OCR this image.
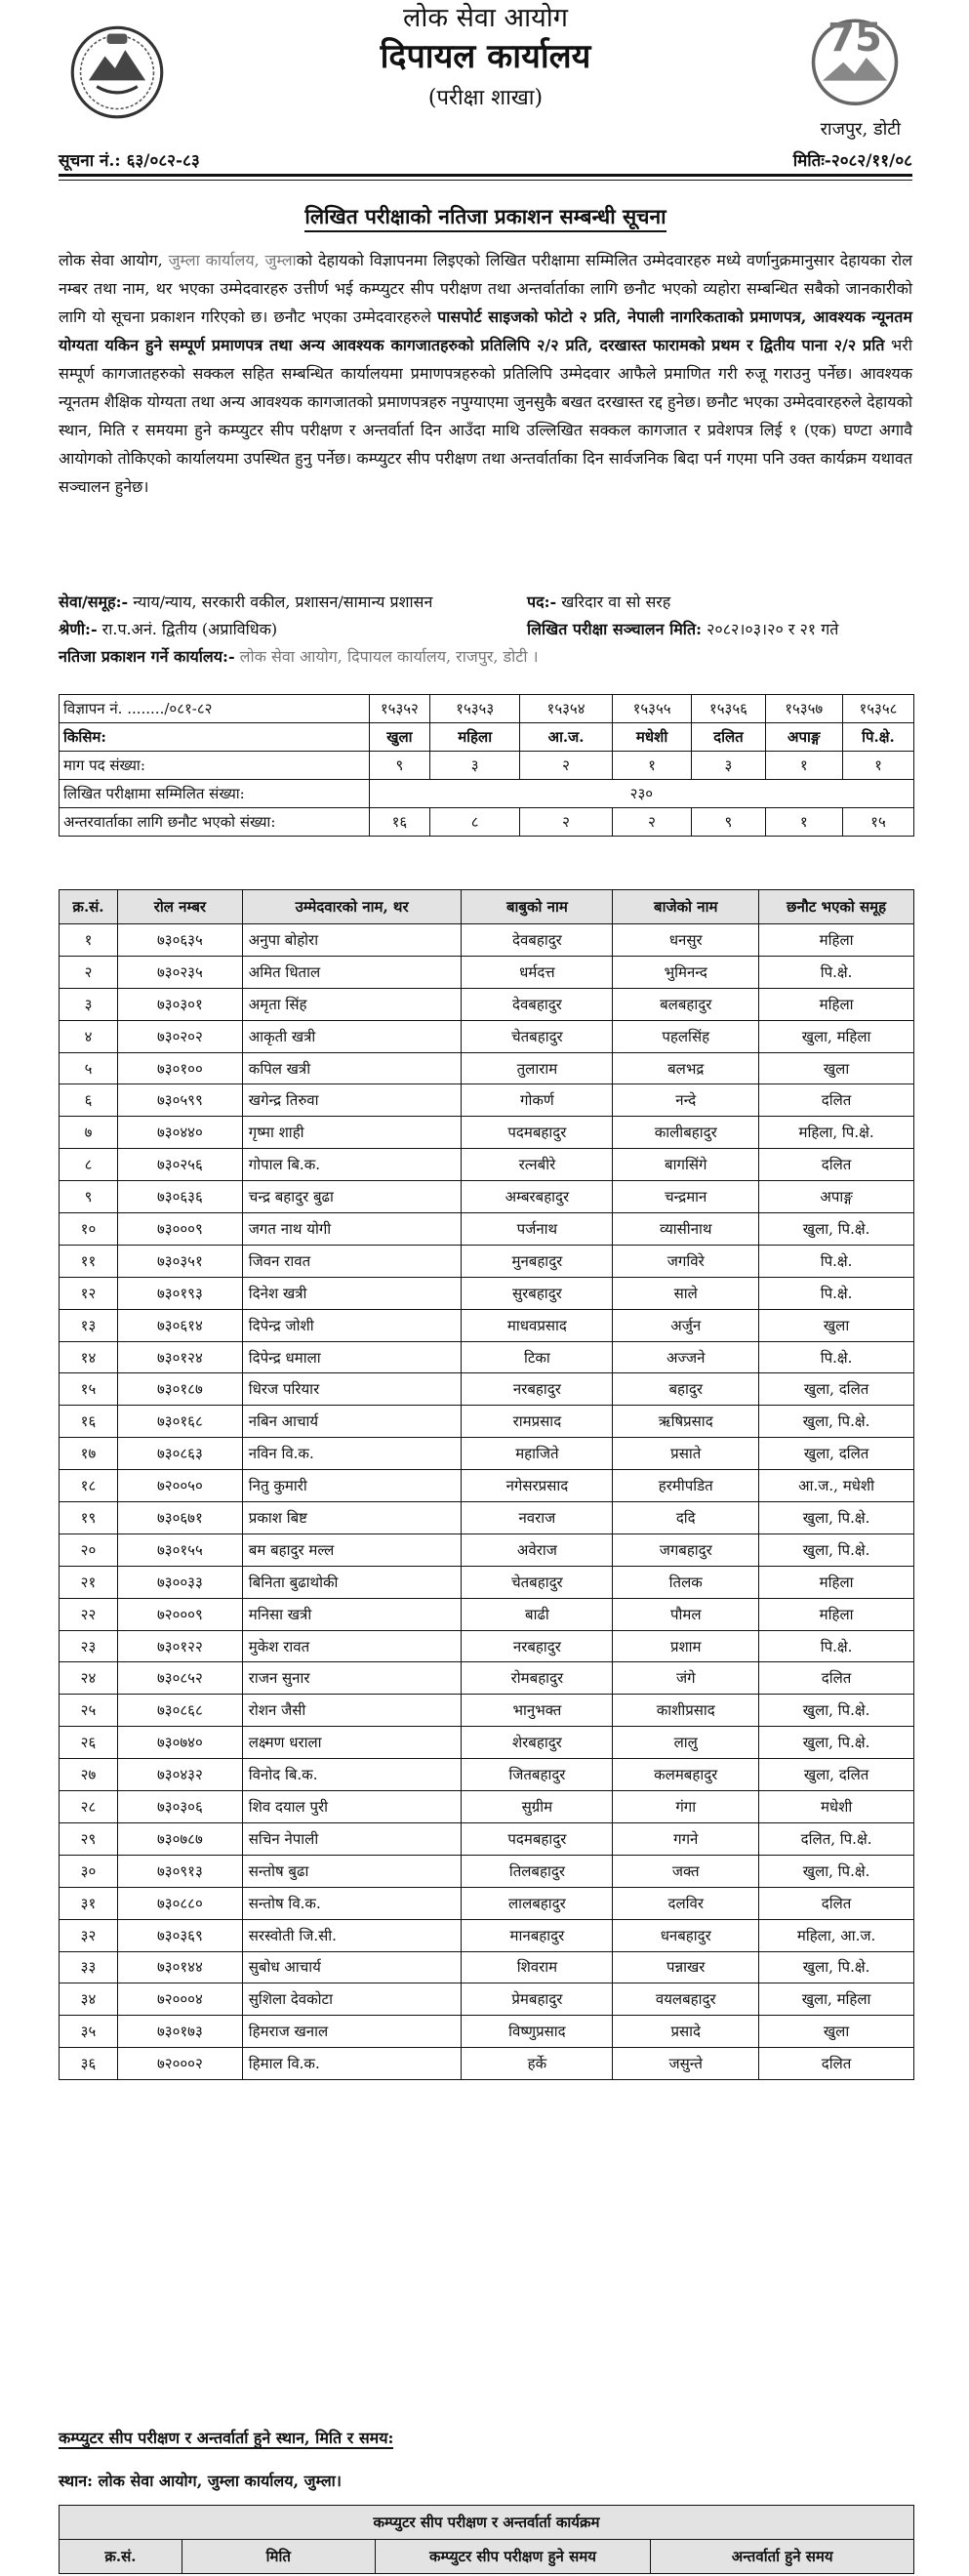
लोक सेवा आयोग
दिपायल कार्यालय
(परीक्षा शाखा)
75
राजपुर, डोटी
सूचना नं.: ६३/०८२-८३	मितिः-२०८२/११/०८
लिखित परीक्षाको नतिजा प्रकाशन सम्बन्धी सूचना
लोक सेवा आयोग, जुम्ला कार्यालय, जुम्लाको देहायको विज्ञापनमा लिइएको लिखित परीक्षामा सम्मिलित उम्मेदवारहरु मध्ये वर्णानुक्रमानुसार देहायका रोल नम्बर तथा नाम, थर भएका उम्मेदवारहरु उत्तीर्ण भई कम्प्युटर सीप परीक्षण तथा अन्तर्वार्ताका लागि छनौट भएको व्यहोरा सम्बन्धित सबैको जानकारीको लागि यो सूचना प्रकाशन गरिएको छ। छनौट भएका उम्मेदवारहरुले पासपोर्ट साइजको फोटो २ प्रति, नेपाली नागरिकताको प्रमाणपत्र, आवश्यक न्यूनतम योग्यता यकिन हुने सम्पूर्ण प्रमाणपत्र तथा अन्य आवश्यक कागजातहरुको प्रतिलिपि २/२ प्रति, दरखास्त फारामको प्रथम र द्वितीय पाना २/२ प्रति भरी सम्पूर्ण कागजातहरुको सक्कल सहित सम्बन्धित कार्यालयमा प्रमाणपत्रहरुको प्रतिलिपि उम्मेदवार आफैले प्रमाणित गरी रुजू गराउनु पर्नेछ। आवश्यक न्यूनतम शैक्षिक योग्यता तथा अन्य आवश्यक कागजातको प्रमाणपत्रहरु नपुग्याएमा जुनसुकै बखत दरखास्त रद्द हुनेछ। छनौट भएका उम्मेदवारहरुले देहायको स्थान, मिति र समयमा हुने कम्प्युटर सीप परीक्षण र अन्तर्वार्ता दिन आउँदा माथि उल्लिखित सक्कल कागजात र प्रवेशपत्र लिई १ (एक) घण्टा अगावै आयोगको तोकिएको कार्यालयमा उपस्थित हुनु पर्नेछ। कम्प्युटर सीप परीक्षण तथा अन्तर्वार्ताका दिन सार्वजनिक बिदा पर्न गएमा पनि उक्त कार्यक्रम यथावत सञ्चालन हुनेछ।
सेवा/समूह:- न्याय/न्याय, सरकारी वकील, प्रशासन/सामान्य प्रशासन	पद:- खरिदार वा सो सरह
श्रेणी:- रा.प.अनं. द्वितीय (अप्राविधिक)	लिखित परीक्षा सञ्चालन मिति: २०८२।०३।२० र २१ गते
नतिजा प्रकाशन गर्ने कार्यालय:- लोक सेवा आयोग, दिपायल कार्यालय, राजपुर, डोटी ।
विज्ञापन नं. ......../०८१-८२	१५३५२	१५३५३	१५३५४	१५३५५	१५३५६	१५३५७	१५३५८
किसिम:	खुला	महिला	आ.ज.	मधेशी	दलित	अपाङ्ग	पि.क्षे.
माग पद संख्या:	९	३	२	१	३	१	१
लिखित परीक्षामा सम्मिलित संख्या:	२३०						
अन्तरवार्ताका लागि छनौट भएको संख्या:	१६	८	२	२	९	१	१५
क्र.सं.	रोल नम्बर	उम्मेदवारको नाम, थर	बाबुको नाम	बाजेको नाम	छनौट भएको समूह
१	७३०६३५	अनुपा बोहोरा	देवबहादुर	धनसुर	महिला
२	७३०२३५	अमित धिताल	धर्मदत्त	भुमिनन्द	पि.क्षे.
३	७३०३०१	अमृता सिंह	देवबहादुर	बलबहादुर	महिला
४	७३०२०२	आकृती खत्री	चेतबहादुर	पहलसिंह	खुला, महिला
५	७३०१००	कपिल खत्री	तुलाराम	बलभद्र	खुला
६	७३०५९९	खगेन्द्र तिरुवा	गोकर्ण	नन्दे	दलित
७	७३०४४०	गृष्मा शाही	पदमबहादुर	कालीबहादुर	महिला, पि.क्षे.
८	७३०२५६	गोपाल बि.क.	रत्नबीरे	बागसिंगे	दलित
९	७३०६३६	चन्द्र बहादुर बुढा	अम्बरबहादुर	चन्द्रमान	अपाङ्ग
१०	७३०००९	जगत नाथ योगी	पर्जनाथ	व्यासीनाथ	खुला, पि.क्षे.
११	७३०३५१	जिवन रावत	मुनबहादुर	जगविरे	पि.क्षे.
१२	७३०१९३	दिनेश खत्री	सुरबहादुर	साले	पि.क्षे.
१३	७३०६१४	दिपेन्द्र जोशी	माधवप्रसाद	अर्जुन	खुला
१४	७३०१२४	दिपेन्द्र धमाला	टिका	अज्जने	पि.क्षे.
१५	७३०१८७	धिरज परियार	नरबहादुर	बहादुर	खुला, दलित
१६	७३०१६८	नबिन आचार्य	रामप्रसाद	ऋषिप्रसाद	खुला, पि.क्षे.
१७	७३०८६३	नविन वि.क.	महाजिते	प्रसाते	खुला, दलित
१८	७२००५०	नितु कुमारी	नगेसरप्रसाद	हरमीपडित	आ.ज., मधेशी
१९	७३०६७१	प्रकाश बिष्ट	नवराज	ददि	खुला, पि.क्षे.
२०	७३०१५५	बम बहादुर मल्ल	अवेराज	जगबहादुर	खुला, पि.क्षे.
२१	७३००३३	बिनिता बुढाथोकी	चेतबहादुर	तिलक	महिला
२२	७२०००९	मनिसा खत्री	बाढी	पौमल	महिला
२३	७३०१२२	मुकेश रावत	नरबहादुर	प्रशाम	पि.क्षे.
२४	७३०८५२	राजन सुनार	रोमबहादुर	जंगे	दलित
२५	७३०८६८	रोशन जैसी	भानुभक्त	काशीप्रसाद	खुला, पि.क्षे.
२६	७३०७४०	लक्ष्मण धराला	शेरबहादुर	लालु	खुला, पि.क्षे.
२७	७३०४३२	विनोद बि.क.	जितबहादुर	कलमबहादुर	खुला, दलित
२८	७३०३०६	शिव दयाल पुरी	सुग्रीम	गंगा	मधेशी
२९	७३०७८७	सचिन नेपाली	पदमबहादुर	गगने	दलित, पि.क्षे.
३०	७३०९१३	सन्तोष बुढा	तिलबहादुर	जक्त	खुला, पि.क्षे.
३१	७३०८८०	सन्तोष वि.क.	लालबहादुर	दलविर	दलित
३२	७३०३६९	सरस्वोती जि.सी.	मानबहादुर	धनबहादुर	महिला, आ.ज.
३३	७३०१४४	सुबोध आचार्य	शिवराम	पन्नाखर	खुला, पि.क्षे.
३४	७२०००४	सुशिला देवकोटा	प्रेमबहादुर	वयलबहादुर	खुला, महिला
३५	७३०१७३	हिमराज खनाल	विष्णुप्रसाद	प्रसादे	खुला
३६	७२०००२	हिमाल वि.क.	हर्के	जसुन्ते	दलित
कम्प्युटर सीप परीक्षण र अन्तर्वार्ता हुने स्थान, मिति र समय:
स्थान: लोक सेवा आयोग, जुम्ला कार्यालय, जुम्ला।
कम्प्युटर सीप परीक्षण र अन्तर्वार्ता कार्यक्रम
क्र.सं.	मिति	कम्प्युटर सीप परीक्षण हुने समय	अन्तर्वार्ता हुने समय
